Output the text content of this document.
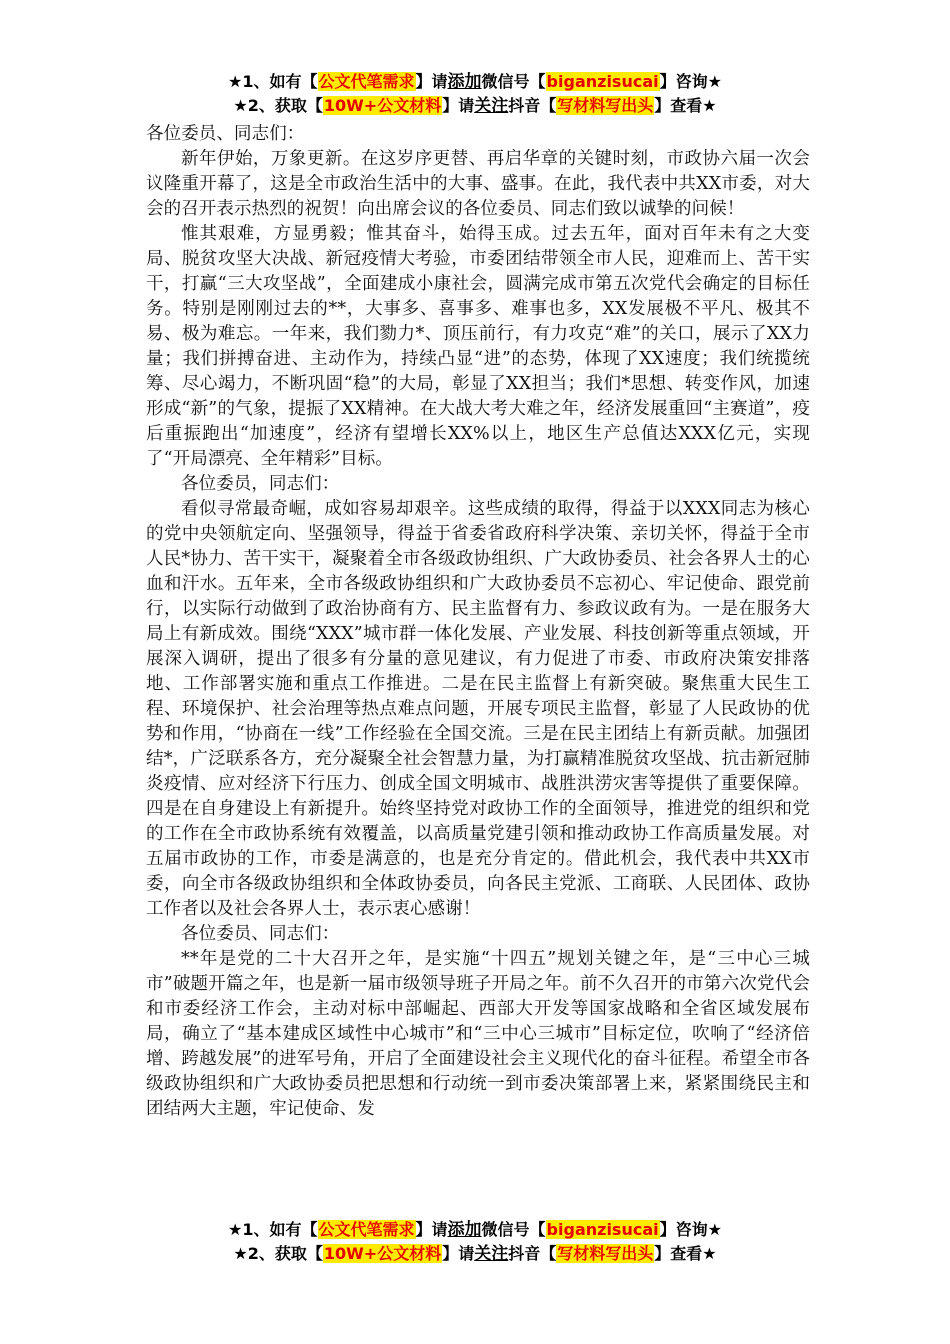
★1、如有【公文代笔需求】请添加微信号【biganzisucai】咨询★
★2、获取【10W+公文材料】请关注抖音【写材料写出头】查看★

各位委员、同志们：

新年伊始，万象更新。在这岁序更替、再启华章的关键时刻，市政协六届一次会议隆重开幕了，这是全市政治生活中的大事、盛事。在此，我代表中共XX市委，对大会的召开表示热烈的祝贺！向出席会议的各位委员、同志们致以诚挚的问候！

惟其艰难，方显勇毅；惟其奋斗，始得玉成。过去五年，面对百年未有之大变局、脱贫攻坚大决战、新冠疫情大考验，市委团结带领全市人民，迎难而上、苦干实干，打赢“三大攻坚战”，全面建成小康社会，圆满完成市第五次党代会确定的目标任务。特别是刚刚过去的**，大事多、喜事多、难事也多，XX发展极不平凡、极其不易、极为难忘。一年来，我们勠力*、顶压前行，有力攻克“难”的关口，展示了XX力量；我们拼搏奋进、主动作为，持续凸显“进”的态势，体现了XX速度；我们统揽统筹、尽心竭力，不断巩固“稳”的大局，彰显了XX担当；我们*思想、转变作风，加速形成“新”的气象，提振了XX精神。在大战大考大难之年，经济发展重回“主赛道”，疫后重振跑出“加速度”，经济有望增长XX%以上，地区生产总值达XXX亿元，实现了“开局漂亮、全年精彩”目标。

各位委员，同志们：

看似寻常最奇崛，成如容易却艰辛。这些成绩的取得，得益于以XXX同志为核心的党中央领航定向、坚强领导，得益于省委省政府科学决策、亲切关怀，得益于全市人民*协力、苦干实干，凝聚着全市各级政协组织、广大政协委员、社会各界人士的心血和汗水。五年来，全市各级政协组织和广大政协委员不忘初心、牢记使命、跟党前行，以实际行动做到了政治协商有方、民主监督有力、参政议政有为。一是在服务大局上有新成效。围绕“XXX”城市群一体化发展、产业发展、科技创新等重点领域，开展深入调研，提出了很多有分量的意见建议，有力促进了市委、市政府决策安排落地、工作部署实施和重点工作推进。二是在民主监督上有新突破。聚焦重大民生工程、环境保护、社会治理等热点难点问题，开展专项民主监督，彰显了人民政协的优势和作用，“协商在一线”工作经验在全国交流。三是在民主团结上有新贡献。加强团结*，广泛联系各方，充分凝聚全社会智慧力量，为打赢精准脱贫攻坚战、抗击新冠肺炎疫情、应对经济下行压力、创成全国文明城市、战胜洪涝灾害等提供了重要保障。四是在自身建设上有新提升。始终坚持党对政协工作的全面领导，推进党的组织和党的工作在全市政协系统有效覆盖，以高质量党建引领和推动政协工作高质量发展。对五届市政协的工作，市委是满意的，也是充分肯定的。借此机会，我代表中共XX市委，向全市各级政协组织和全体政协委员，向各民主党派、工商联、人民团体、政协工作者以及社会各界人士，表示衷心感谢！

各位委员、同志们：

**年是党的二十大召开之年，是实施“十四五”规划关键之年，是“三中心三城市”破题开篇之年，也是新一届市级领导班子开局之年。前不久召开的市第六次党代会和市委经济工作会，主动对标中部崛起、西部大开发等国家战略和全省区域发展布局，确立了“基本建成区域性中心城市”和“三中心三城市”目标定位，吹响了“经济倍增、跨越发展”的进军号角，开启了全面建设社会主义现代化的奋斗征程。希望全市各级政协组织和广大政协委员把思想和行动统一到市委决策部署上来，紧紧围绕民主和团结两大主题，牢记使命、发

★1、如有【公文代笔需求】请添加微信号【biganzisucai】咨询★
★2、获取【10W+公文材料】请关注抖音【写材料写出头】查看★
